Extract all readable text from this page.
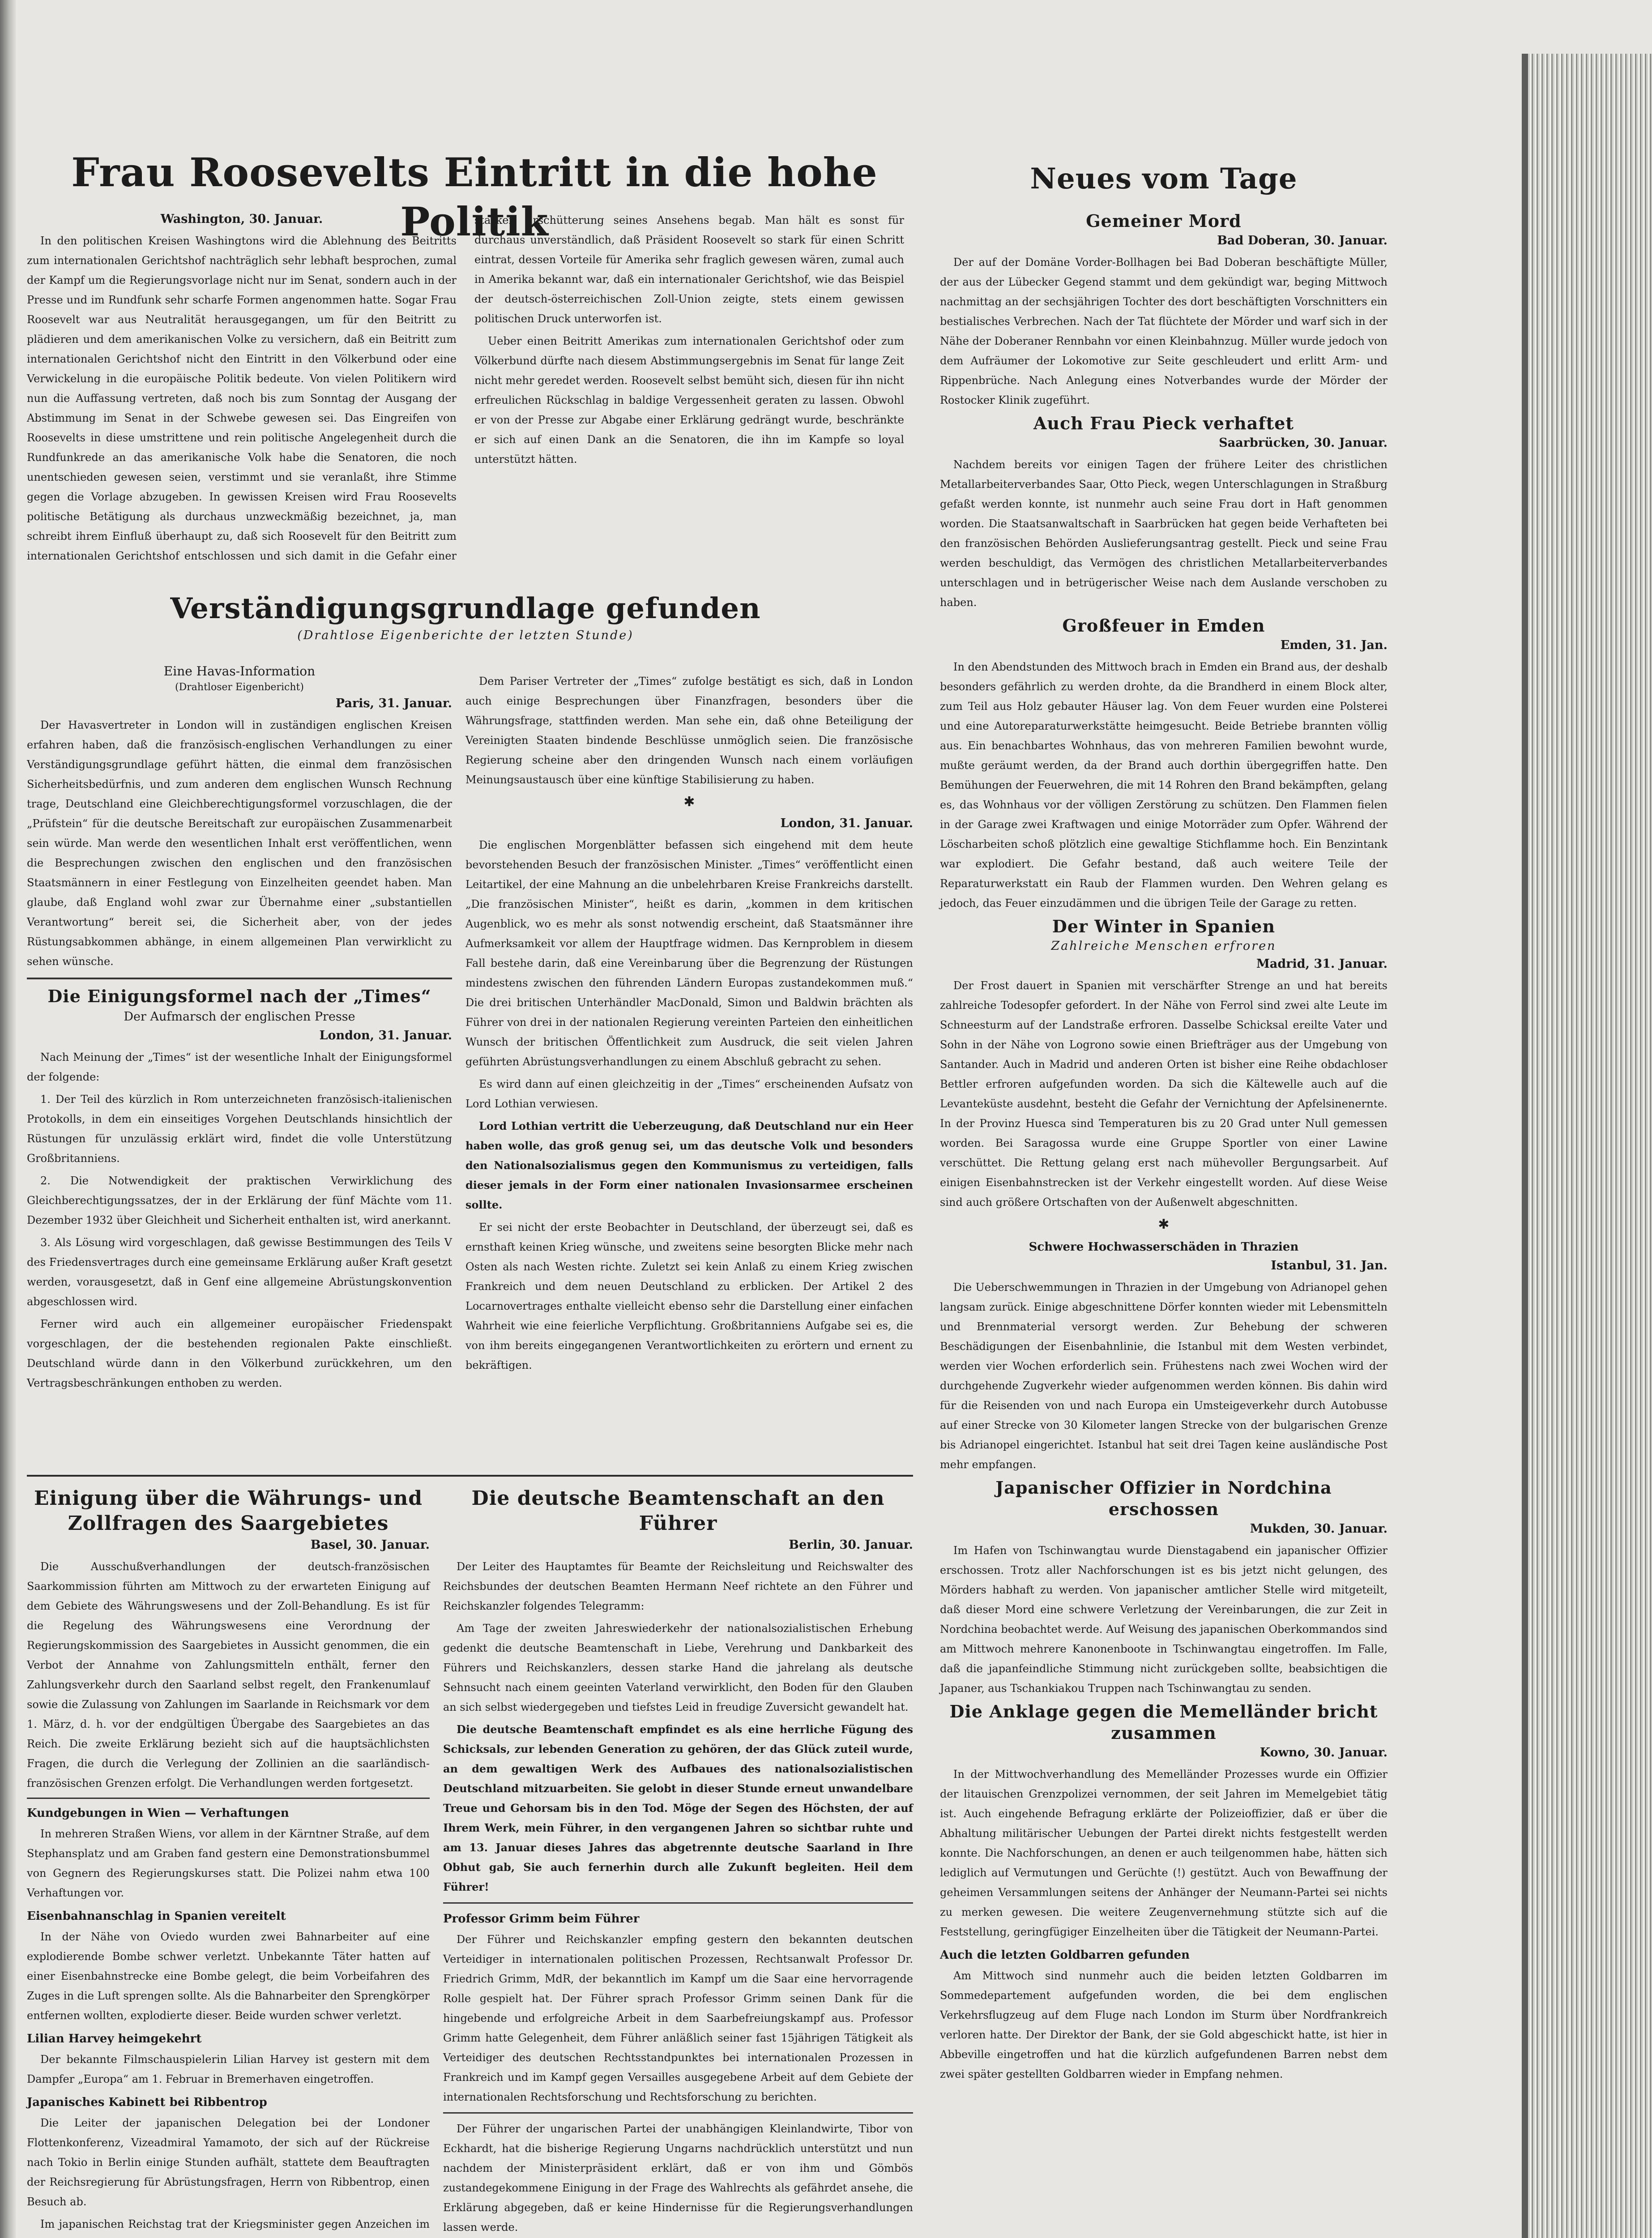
Frau Roosevelts Eintritt in die hohe Politik
Washington, 30. Januar.

In den politischen Kreisen Washingtons wird die Ablehnung des Beitritts zum internationalen Gerichtshof nachträglich sehr lebhaft besprochen, zumal der Kampf um die Regierungsvorlage nicht nur im Senat, sondern auch in der Presse und im Rundfunk sehr scharfe Formen angenommen hatte. Sogar Frau Roosevelt war aus Neutralität herausgegangen, um für den Beitritt zu plädieren und dem amerikanischen Volke zu versichern, daß ein Beitritt zum internationalen Gerichtshof nicht den Eintritt in den Völkerbund oder eine Verwickelung in die europäische Politik bedeute. Von vielen Politikern wird nun die Auffassung vertreten, daß noch bis zum Sonntag der Ausgang der Abstimmung im Senat in der Schwebe gewesen sei. Das Eingreifen von Roosevelts in diese umstrittene und rein politische Angelegenheit durch die Rundfunkrede an das amerikanische Volk habe die Senatoren, die noch unentschieden gewesen seien, verstimmt und sie veranlaßt, ihre Stimme gegen die Vorlage abzugeben. In gewissen Kreisen wird Frau Roosevelts politische Betätigung als durchaus unzweckmäßig bezeichnet, ja, man schreibt ihrem Einfluß überhaupt zu, daß sich Roosevelt für den Beitritt zum internationalen Gerichtshof entschlossen und sich damit in die Gefahr einer starken Erschütterung seines Ansehens begab. Man hält es sonst für durchaus unverständlich, daß Präsident Roosevelt so stark für einen Schritt eintrat, dessen Vorteile für Amerika sehr fraglich gewesen wären, zumal auch in Amerika bekannt war, daß ein internationaler Gerichtshof, wie das Beispiel der deutsch-österreichischen Zoll-Union zeigte, stets einem gewissen politischen Druck unterworfen ist.

Ueber einen Beitritt Amerikas zum internationalen Gerichtshof oder zum Völkerbund dürfte nach diesem Abstimmungsergebnis im Senat für lange Zeit nicht mehr geredet werden. Roosevelt selbst bemüht sich, diesen für ihn nicht erfreulichen Rückschlag in baldige Vergessenheit geraten zu lassen. Obwohl er von der Presse zur Abgabe einer Erklärung gedrängt wurde, beschränkte er sich auf einen Dank an die Senatoren, die ihn im Kampfe so loyal unterstützt hätten.

Verständigungsgrundlage gefunden

(Drahtlose Eigenberichte der letzten Stunde)

Eine Havas-Information
(Drahtloser Eigenbericht)
Paris, 31. Januar.

Der Havasvertreter in London will in zuständigen englischen Kreisen erfahren haben, daß die französisch-englischen Verhandlungen zu einer Verständigungsgrundlage geführt hätten, die einmal dem französischen Sicherheitsbedürfnis, und zum anderen dem englischen Wunsch Rechnung trage, Deutschland eine Gleichberechtigungsformel vorzuschlagen, die der „Prüfstein“ für die deutsche Bereitschaft zur europäischen Zusammenarbeit sein würde. Man werde den wesentlichen Inhalt erst veröffentlichen, wenn die Besprechungen zwischen den englischen und den französischen Staatsmännern in einer Festlegung von Einzelheiten geendet haben. Man glaube, daß England wohl zwar zur Übernahme einer „substantiellen Verantwortung“ bereit sei, die Sicherheit aber, von der jedes Rüstungsabkommen abhänge, in einem allgemeinen Plan verwirklicht zu sehen wünsche.

Die Einigungsformel nach der „Times“
Der Aufmarsch der englischen Presse
London, 31. Januar.

Nach Meinung der „Times“ ist der wesentliche Inhalt der Einigungsformel der folgende:

1. Der Teil des kürzlich in Rom unterzeichneten französisch-italienischen Protokolls, in dem ein einseitiges Vorgehen Deutschlands hinsichtlich der Rüstungen für unzulässig erklärt wird, findet die volle Unterstützung Großbritanniens.

2. Die Notwendigkeit der praktischen Verwirklichung des Gleichberechtigungssatzes, der in der Erklärung der fünf Mächte vom 11. Dezember 1932 über Gleichheit und Sicherheit enthalten ist, wird anerkannt.

3. Als Lösung wird vorgeschlagen, daß gewisse Bestimmungen des Teils V des Friedensvertrages durch eine gemeinsame Erklärung außer Kraft gesetzt werden, vorausgesetzt, daß in Genf eine allgemeine Abrüstungskonvention abgeschlossen wird.

Ferner wird auch ein allgemeiner europäischer Friedenspakt vorgeschlagen, der die bestehenden regionalen Pakte einschließt. Deutschland würde dann in den Völkerbund zurückkehren, um den Vertragsbeschränkungen enthoben zu werden.

Dem Pariser Vertreter der „Times“ zufolge bestätigt es sich, daß in London auch einige Besprechungen über Finanzfragen, besonders über die Währungsfrage, stattfinden werden. Man sehe ein, daß ohne Beteiligung der Vereinigten Staaten bindende Beschlüsse unmöglich seien. Die französische Regierung scheine aber den dringenden Wunsch nach einem vorläufigen Meinungsaustausch über eine künftige Stabilisierung zu haben.

✱
London, 31. Januar.

Die englischen Morgenblätter befassen sich eingehend mit dem heute bevorstehenden Besuch der französischen Minister. „Times“ veröffentlicht einen Leitartikel, der eine Mahnung an die unbelehrbaren Kreise Frankreichs darstellt. „Die französischen Minister“, heißt es darin, „kommen in dem kritischen Augenblick, wo es mehr als sonst notwendig erscheint, daß Staatsmänner ihre Aufmerksamkeit vor allem der Hauptfrage widmen. Das Kernproblem in diesem Fall bestehe darin, daß eine Vereinbarung über die Begrenzung der Rüstungen mindestens zwischen den führenden Ländern Europas zustandekommen muß.“ Die drei britischen Unterhändler MacDonald, Simon und Baldwin brächten als Führer von drei in der nationalen Regierung vereinten Parteien den einheitlichen Wunsch der britischen Öffentlichkeit zum Ausdruck, die seit vielen Jahren geführten Abrüstungsverhandlungen zu einem Abschluß gebracht zu sehen.

Es wird dann auf einen gleichzeitig in der „Times“ erscheinenden Aufsatz von Lord Lothian verwiesen.

Lord Lothian vertritt die Ueberzeugung, daß Deutschland nur ein Heer haben wolle, das groß genug sei, um das deutsche Volk und besonders den Nationalsozialismus gegen den Kommunismus zu verteidigen, falls dieser jemals in der Form einer nationalen Invasionsarmee erscheinen sollte.

Er sei nicht der erste Beobachter in Deutschland, der überzeugt sei, daß es ernsthaft keinen Krieg wünsche, und zweitens seine besorgten Blicke mehr nach Osten als nach Westen richte. Zuletzt sei kein Anlaß zu einem Krieg zwischen Frankreich und dem neuen Deutschland zu erblicken. Der Artikel 2 des Locarnovertrages enthalte vielleicht ebenso sehr die Darstellung einer einfachen Wahrheit wie eine feierliche Verpflichtung. Großbritanniens Aufgabe sei es, die von ihm bereits eingegangenen Verantwortlichkeiten zu erörtern und ernent zu bekräftigen.

Einigung über die Währungs- und Zollfragen des Saargebietes
Basel, 30. Januar.

Die Ausschußverhandlungen der deutsch-französischen Saarkommission führten am Mittwoch zu der erwarteten Einigung auf dem Gebiete des Währungswesens und der Zoll-Behandlung. Es ist für die Regelung des Währungswesens eine Verordnung der Regierungskommission des Saargebietes in Aussicht genommen, die ein Verbot der Annahme von Zahlungsmitteln enthält, ferner den Zahlungsverkehr durch den Saarland selbst regelt, den Frankenumlauf sowie die Zulassung von Zahlungen im Saarlande in Reichsmark vor dem 1. März, d. h. vor der endgültigen Übergabe des Saargebietes an das Reich. Die zweite Erklärung bezieht sich auf die hauptsächlichsten Fragen, die durch die Verlegung der Zollinien an die saarländisch-französischen Grenzen erfolgt. Die Verhandlungen werden fortgesetzt.

Kundgebungen in Wien — Verhaftungen

In mehreren Straßen Wiens, vor allem in der Kärntner Straße, auf dem Stephansplatz und am Graben fand gestern eine Demonstrationsbummel von Gegnern des Regierungskurses statt. Die Polizei nahm etwa 100 Verhaftungen vor.

Eisenbahnanschlag in Spanien vereitelt

In der Nähe von Oviedo wurden zwei Bahnarbeiter auf eine explodierende Bombe schwer verletzt. Unbekannte Täter hatten auf einer Eisenbahnstrecke eine Bombe gelegt, die beim Vorbeifahren des Zuges in die Luft sprengen sollte. Als die Bahnarbeiter den Sprengkörper entfernen wollten, explodierte dieser. Beide wurden schwer verletzt.

Lilian Harvey heimgekehrt

Der bekannte Filmschauspielerin Lilian Harvey ist gestern mit dem Dampfer „Europa“ am 1. Februar in Bremerhaven eingetroffen.

Japanisches Kabinett bei Ribbentrop

Die Leiter der japanischen Delegation bei der Londoner Flottenkonferenz, Vizeadmiral Yamamoto, der sich auf der Rückreise nach Tokio in Berlin einige Stunden aufhält, stattete dem Beauftragten der Reichsregierung für Abrüstungsfragen, Herrn von Ribbentrop, einen Besuch ab.

Im japanischen Reichstag trat der Kriegsminister gegen Anzeichen im

Die deutsche Beamtenschaft an den Führer
Berlin, 30. Januar.

Der Leiter des Hauptamtes für Beamte der Reichsleitung und Reichswalter des Reichsbundes der deutschen Beamten Hermann Neef richtete an den Führer und Reichskanzler folgendes Telegramm:

Am Tage der zweiten Jahreswiederkehr der nationalsozialistischen Erhebung gedenkt die deutsche Beamtenschaft in Liebe, Verehrung und Dankbarkeit des Führers und Reichskanzlers, dessen starke Hand die jahrelang als deutsche Sehnsucht nach einem geeinten Vaterland verwirklicht, den Boden für den Glauben an sich selbst wiedergegeben und tiefstes Leid in freudige Zuversicht gewandelt hat.

Die deutsche Beamtenschaft empfindet es als eine herrliche Fügung des Schicksals, zur lebenden Generation zu gehören, der das Glück zuteil wurde, an dem gewaltigen Werk des Aufbaues des nationalsozialistischen Deutschland mitzuarbeiten. Sie gelobt in dieser Stunde erneut unwandelbare Treue und Gehorsam bis in den Tod. Möge der Segen des Höchsten, der auf Ihrem Werk, mein Führer, in den vergangenen Jahren so sichtbar ruhte und am 13. Januar dieses Jahres das abgetrennte deutsche Saarland in Ihre Obhut gab, Sie auch fernerhin durch alle Zukunft begleiten. Heil dem Führer!

Professor Grimm beim Führer

Der Führer und Reichskanzler empfing gestern den bekannten deutschen Verteidiger in internationalen politischen Prozessen, Rechtsanwalt Professor Dr. Friedrich Grimm, MdR, der bekanntlich im Kampf um die Saar eine hervorragende Rolle gespielt hat. Der Führer sprach Professor Grimm seinen Dank für die hingebende und erfolgreiche Arbeit in dem Saarbefreiungskampf aus. Professor Grimm hatte Gelegenheit, dem Führer anläßlich seiner fast 15jährigen Tätigkeit als Verteidiger des deutschen Rechtsstandpunktes bei internationalen Prozessen in Frankreich und im Kampf gegen Versailles ausgegebene Arbeit auf dem Gebiete der internationalen Rechtsforschung und Rechtsforschung zu berichten.

Der Führer der ungarischen Partei der unabhängigen Kleinlandwirte, Tibor von Eckhardt, hat die bisherige Regierung Ungarns nachdrücklich unterstützt und nun nachdem der Ministerpräsident erklärt, daß er von ihm und Gömbös zustandegekommene Einigung in der Frage des Wahlrechts als gefährdet ansehe, die Erklärung abgegeben, daß er keine Hindernisse für die Regierungsverhandlungen lassen werde.

Neues vom Tage
Gemeiner Mord
Bad Doberan, 30. Januar.

Der auf der Domäne Vorder-Bollhagen bei Bad Doberan beschäftigte Müller, der aus der Lübecker Gegend stammt und dem gekündigt war, beging Mittwoch nachmittag an der sechsjährigen Tochter des dort beschäftigten Vorschnitters ein bestialisches Verbrechen. Nach der Tat flüchtete der Mörder und warf sich in der Nähe der Doberaner Rennbahn vor einen Kleinbahnzug. Müller wurde jedoch von dem Aufräumer der Lokomotive zur Seite geschleudert und erlitt Arm- und Rippenbrüche. Nach Anlegung eines Notverbandes wurde der Mörder der Rostocker Klinik zugeführt.

Auch Frau Pieck verhaftet
Saarbrücken, 30. Januar.

Nachdem bereits vor einigen Tagen der frühere Leiter des christlichen Metallarbeiterverbandes Saar, Otto Pieck, wegen Unterschlagungen in Straßburg gefaßt werden konnte, ist nunmehr auch seine Frau dort in Haft genommen worden. Die Staatsanwaltschaft in Saarbrücken hat gegen beide Verhafteten bei den französischen Behörden Auslieferungsantrag gestellt. Pieck und seine Frau werden beschuldigt, das Vermögen des christlichen Metallarbeiterverbandes unterschlagen und in betrügerischer Weise nach dem Auslande verschoben zu haben.

Großfeuer in Emden
Emden, 31. Jan.

In den Abendstunden des Mittwoch brach in Emden ein Brand aus, der deshalb besonders gefährlich zu werden drohte, da die Brandherd in einem Block alter, zum Teil aus Holz gebauter Häuser lag. Von dem Feuer wurden eine Polsterei und eine Autoreparaturwerkstätte heimgesucht. Beide Betriebe brannten völlig aus. Ein benachbartes Wohnhaus, das von mehreren Familien bewohnt wurde, mußte geräumt werden, da der Brand auch dorthin übergegriffen hatte. Den Bemühungen der Feuerwehren, die mit 14 Rohren den Brand bekämpften, gelang es, das Wohnhaus vor der völligen Zerstörung zu schützen. Den Flammen fielen in der Garage zwei Kraftwagen und einige Motorräder zum Opfer. Während der Löscharbeiten schoß plötzlich eine gewaltige Stichflamme hoch. Ein Benzintank war explodiert. Die Gefahr bestand, daß auch weitere Teile der Reparaturwerkstatt ein Raub der Flammen wurden. Den Wehren gelang es jedoch, das Feuer einzudämmen und die übrigen Teile der Garage zu retten.

Der Winter in Spanien
Zahlreiche Menschen erfroren
Madrid, 31. Januar.

Der Frost dauert in Spanien mit verschärfter Strenge an und hat bereits zahlreiche Todesopfer gefordert. In der Nähe von Ferrol sind zwei alte Leute im Schneesturm auf der Landstraße erfroren. Dasselbe Schicksal ereilte Vater und Sohn in der Nähe von Logrono sowie einen Briefträger aus der Umgebung von Santander. Auch in Madrid und anderen Orten ist bisher eine Reihe obdachloser Bettler erfroren aufgefunden worden. Da sich die Kältewelle auch auf die Levanteküste ausdehnt, besteht die Gefahr der Vernichtung der Apfelsinenernte. In der Provinz Huesca sind Temperaturen bis zu 20 Grad unter Null gemessen worden. Bei Saragossa wurde eine Gruppe Sportler von einer Lawine verschüttet. Die Rettung gelang erst nach mühevoller Bergungsarbeit. Auf einigen Eisenbahnstrecken ist der Verkehr eingestellt worden. Auf diese Weise sind auch größere Ortschaften von der Außenwelt abgeschnitten.

✱
Schwere Hochwasserschäden in Thrazien
Istanbul, 31. Jan.

Die Ueberschwemmungen in Thrazien in der Umgebung von Adrianopel gehen langsam zurück. Einige abgeschnittene Dörfer konnten wieder mit Lebensmitteln und Brennmaterial versorgt werden. Zur Behebung der schweren Beschädigungen der Eisenbahnlinie, die Istanbul mit dem Westen verbindet, werden vier Wochen erforderlich sein. Frühestens nach zwei Wochen wird der durchgehende Zugverkehr wieder aufgenommen werden können. Bis dahin wird für die Reisenden von und nach Europa ein Umsteigeverkehr durch Autobusse auf einer Strecke von 30 Kilometer langen Strecke von der bulgarischen Grenze bis Adrianopel eingerichtet. Istanbul hat seit drei Tagen keine ausländische Post mehr empfangen.

Japanischer Offizier in Nordchina erschossen
Mukden, 30. Januar.

Im Hafen von Tschinwangtau wurde Dienstagabend ein japanischer Offizier erschossen. Trotz aller Nachforschungen ist es bis jetzt nicht gelungen, des Mörders habhaft zu werden. Von japanischer amtlicher Stelle wird mitgeteilt, daß dieser Mord eine schwere Verletzung der Vereinbarungen, die zur Zeit in Nordchina beobachtet werde. Auf Weisung des japanischen Oberkommandos sind am Mittwoch mehrere Kanonenboote in Tschinwangtau eingetroffen. Im Falle, daß die japanfeindliche Stimmung nicht zurückgeben sollte, beabsichtigen die Japaner, aus Tschankiakou Truppen nach Tschinwangtau zu senden.

Die Anklage gegen die Memelländer bricht zusammen
Kowno, 30. Januar.

In der Mittwochverhandlung des Memelländer Prozesses wurde ein Offizier der litauischen Grenzpolizei vernommen, der seit Jahren im Memelgebiet tätig ist. Auch eingehende Befragung erklärte der Polizeioffizier, daß er über die Abhaltung militärischer Uebungen der Partei direkt nichts festgestellt werden konnte. Die Nachforschungen, an denen er auch teilgenommen habe, hätten sich lediglich auf Vermutungen und Gerüchte (!) gestützt. Auch von Bewaffnung der geheimen Versammlungen seitens der Anhänger der Neumann-Partei sei nichts zu merken gewesen. Die weitere Zeugenvernehmung stützte sich auf die Feststellung, geringfügiger Einzelheiten über die Tätigkeit der Neumann-Partei.

Auch die letzten Goldbarren gefunden

Am Mittwoch sind nunmehr auch die beiden letzten Goldbarren im Sommedepartement aufgefunden worden, die bei dem englischen Verkehrsflugzeug auf dem Fluge nach London im Sturm über Nordfrankreich verloren hatte. Der Direktor der Bank, der sie Gold abgeschickt hatte, ist hier in Abbeville eingetroffen und hat die kürzlich aufgefundenen Barren nebst dem zwei später gestellten Goldbarren wieder in Empfang nehmen.
